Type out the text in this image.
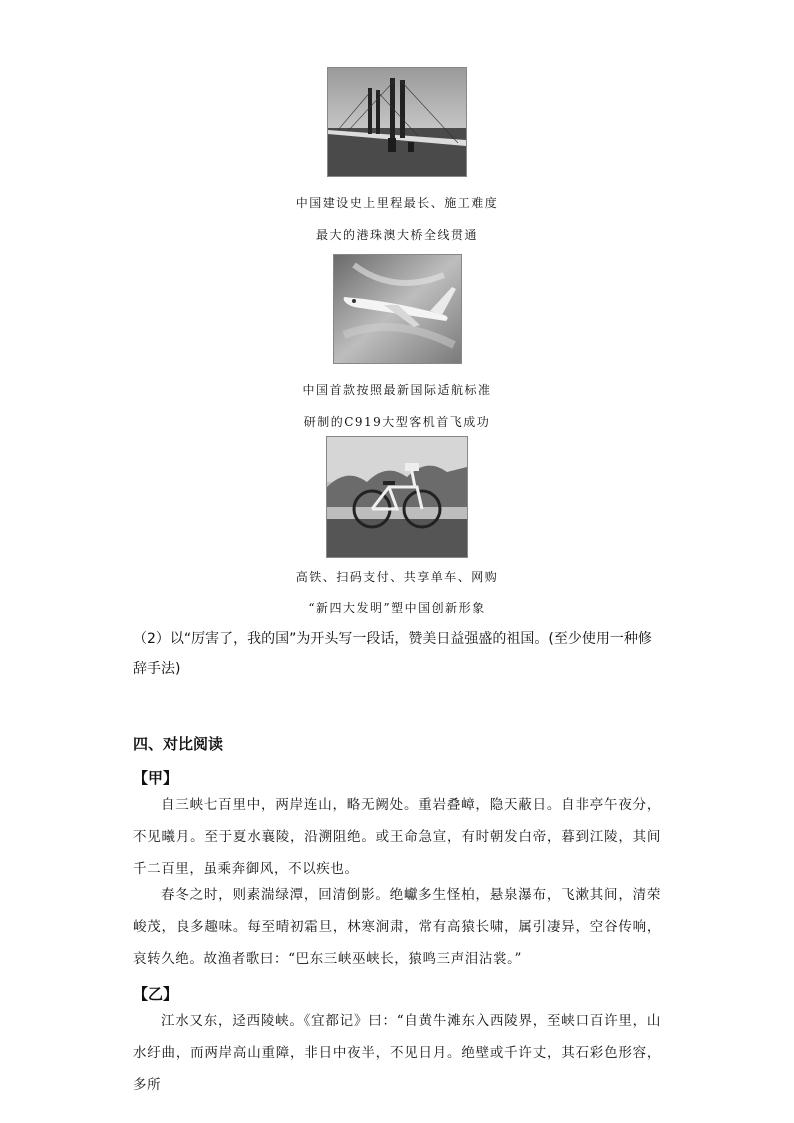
中国建设史上里程最长、施工难度
最大的港珠澳大桥全线贯通
中国首款按照最新国际适航标准
研制的C919大型客机首飞成功
高铁、扫码支付、共享单车、网购
“新四大发明”塑中国创新形象
（2）以“厉害了，我的国”为开头写一段话，赞美日益强盛的祖国。(至少使用一种修辞手法)
四、对比阅读
【甲】
自三峡七百里中，两岸连山，略无阙处。重岩叠嶂，隐天蔽日。自非亭午夜分，不见曦月。至于夏水襄陵，沿溯阻绝。或王命急宣，有时朝发白帝，暮到江陵，其间千二百里，虽乘奔御风，不以疾也。
春冬之时，则素湍绿潭，回清倒影。绝巘多生怪柏，悬泉瀑布，飞漱其间，清荣峻茂，良多趣味。每至晴初霜旦，林寒涧肃，常有高猿长啸，属引凄异，空谷传响，哀转久绝。故渔者歌曰：“巴东三峡巫峡长，猿鸣三声泪沾裳。”
【乙】
江水又东，迳西陵峡。《宜都记》曰：“自黄牛滩东入西陵界，至峡口百许里，山水纡曲，而两岸高山重障，非日中夜半，不见日月。绝壁或千许丈，其石彩色形容，多所
